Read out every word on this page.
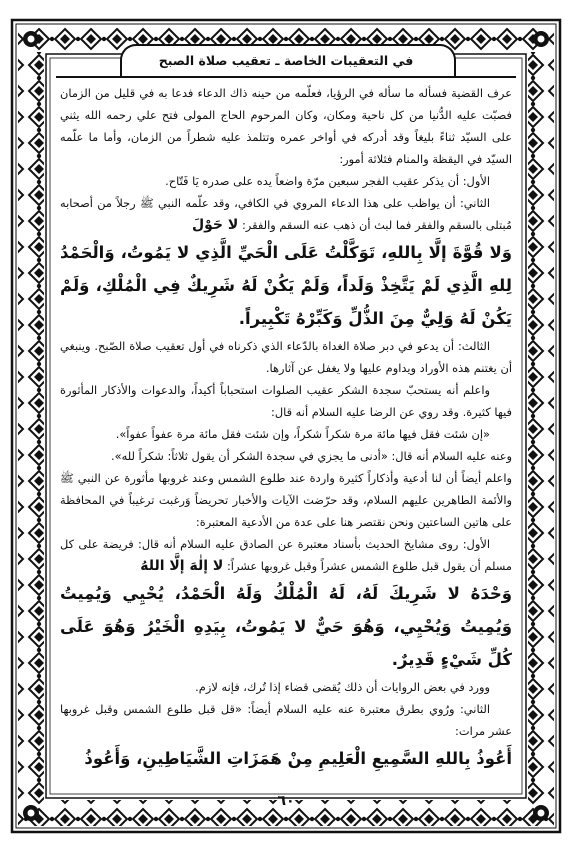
في التعقيبات الخاصة ـ تعقيب صلاة الصبح

عرف القضية فسأله ما سأله في الرؤيا، فعلّمه من حينه ذاك الدعاء فدعا به في قليل من الزمان فصبّت عليه الدُّنيا من كل ناحية ومكان، وكان المرحوم الحاج المولى فتح علي رحمه الله يثني على السيّد ثناءً بليغاً وقد أدركه في أواخر عمره وتتلمذ عليه شطراً من الزمان، وأما ما علّمه السيّد في اليقظة والمنام فثلاثة أمور:

الأول: أن يذكر عقيب الفجر سبعين مرّة واضعاً يده على صدره يَا فَتّاح.

الثاني: أن يواظب على هذا الدعاء المروي في الكافي، وقد علّمه النبي ﷺ رجلاً من أصحابه مُبتلى بالسقم والفقر فما لبث أن ذهب عنه السقم والفقر: لا حَوْلَ

وَلا قُوَّةَ إلَّا بِاللهِ، تَوَكَّلْتُ عَلَى الْحَيِّ الَّذِي لا يَمُوتُ، وَالْحَمْدُ لِلهِ الَّذِي لَمْ يَتَّخِذْ وَلَداً، وَلَمْ يَكُنْ لَهُ شَرِيكٌ فِي الْمُلْكِ، وَلَمْ يَكُنْ لَهُ وَلِيٌّ مِنَ الذُّلِّ وَكَبِّرْهُ تَكْبِيراً.

الثالث: أن يدعو في دبر صلاة الغداة بالدّعاء الذي ذكرناه في أول تعقيب صلاة الصّبح. وينبغي أن يغتنم هذه الأوراد ويداوم عليها ولا يغفل عن آثارها.

واعلم أنه يستحبّ سجدة الشكر عقيب الصلوات استحباباً أكيداً، والدعوات والأذكار المأثورة فيها كثيرة. وقد روي عن الرضا عليه السلام أنه قال:

«إن شئت فقل فيها مائة مرة شكراً شكراً، وإن شئت فقل مائة مرة عفواً عفواً».

وعنه عليه السلام أنه قال: «أدنى ما يجزي في سجدة الشكر أن يقول ثلاثاً: شكراً لله».

واعلم أيضاً أن لنا أدعية وأذكاراً كثيرة واردة عند طلوع الشمس وعند غروبها مأثورة عن النبي ﷺ والأئمة الطاهرين عليهم السلام، وقد حرّضت الآيات والأخبار تحريضاً وَرغبت ترغيباً في المحافظة على هاتين الساعتين ونحن نقتصر هنا على عدة من الأدعية المعتبرة:

الأول: روى مشايخ الحديث بأسناد معتبرة عن الصادق عليه السلام أنه قال: فريضة على كل مسلم أن يقول قبل طلوع الشمس عشراً وقبل غروبها عشراً: لا إلٰهَ إلَّا اللهُ

وَحْدَهُ لا شَرِيكَ لَهُ، لَهُ الْمُلْكُ وَلَهُ الْحَمْدُ، يُحْيِي وَيُمِيتُ وَيُمِيتُ وَيُحْيِي، وَهُوَ حَيٌّ لا يَمُوتُ، بِيَدِهِ الْخَيْرُ وَهُوَ عَلَى كُلِّ شَيْءٍ قَدِيرٌ.

وورد في بعض الروايات أن ذلك يُقضى قضاء إذا تُرك، فإنه لازم.

الثاني: ورُوي بطرق معتبرة عنه عليه السلام أيضاً: «قل قبل طلوع الشمس وقبل غروبها عشر مرات:

أَعُوذُ بِاللهِ السَّمِيعِ الْعَلِيمِ مِنْ هَمَزَاتِ الشَّيَاطِينِ، وَأَعُوذُ

٦٠
